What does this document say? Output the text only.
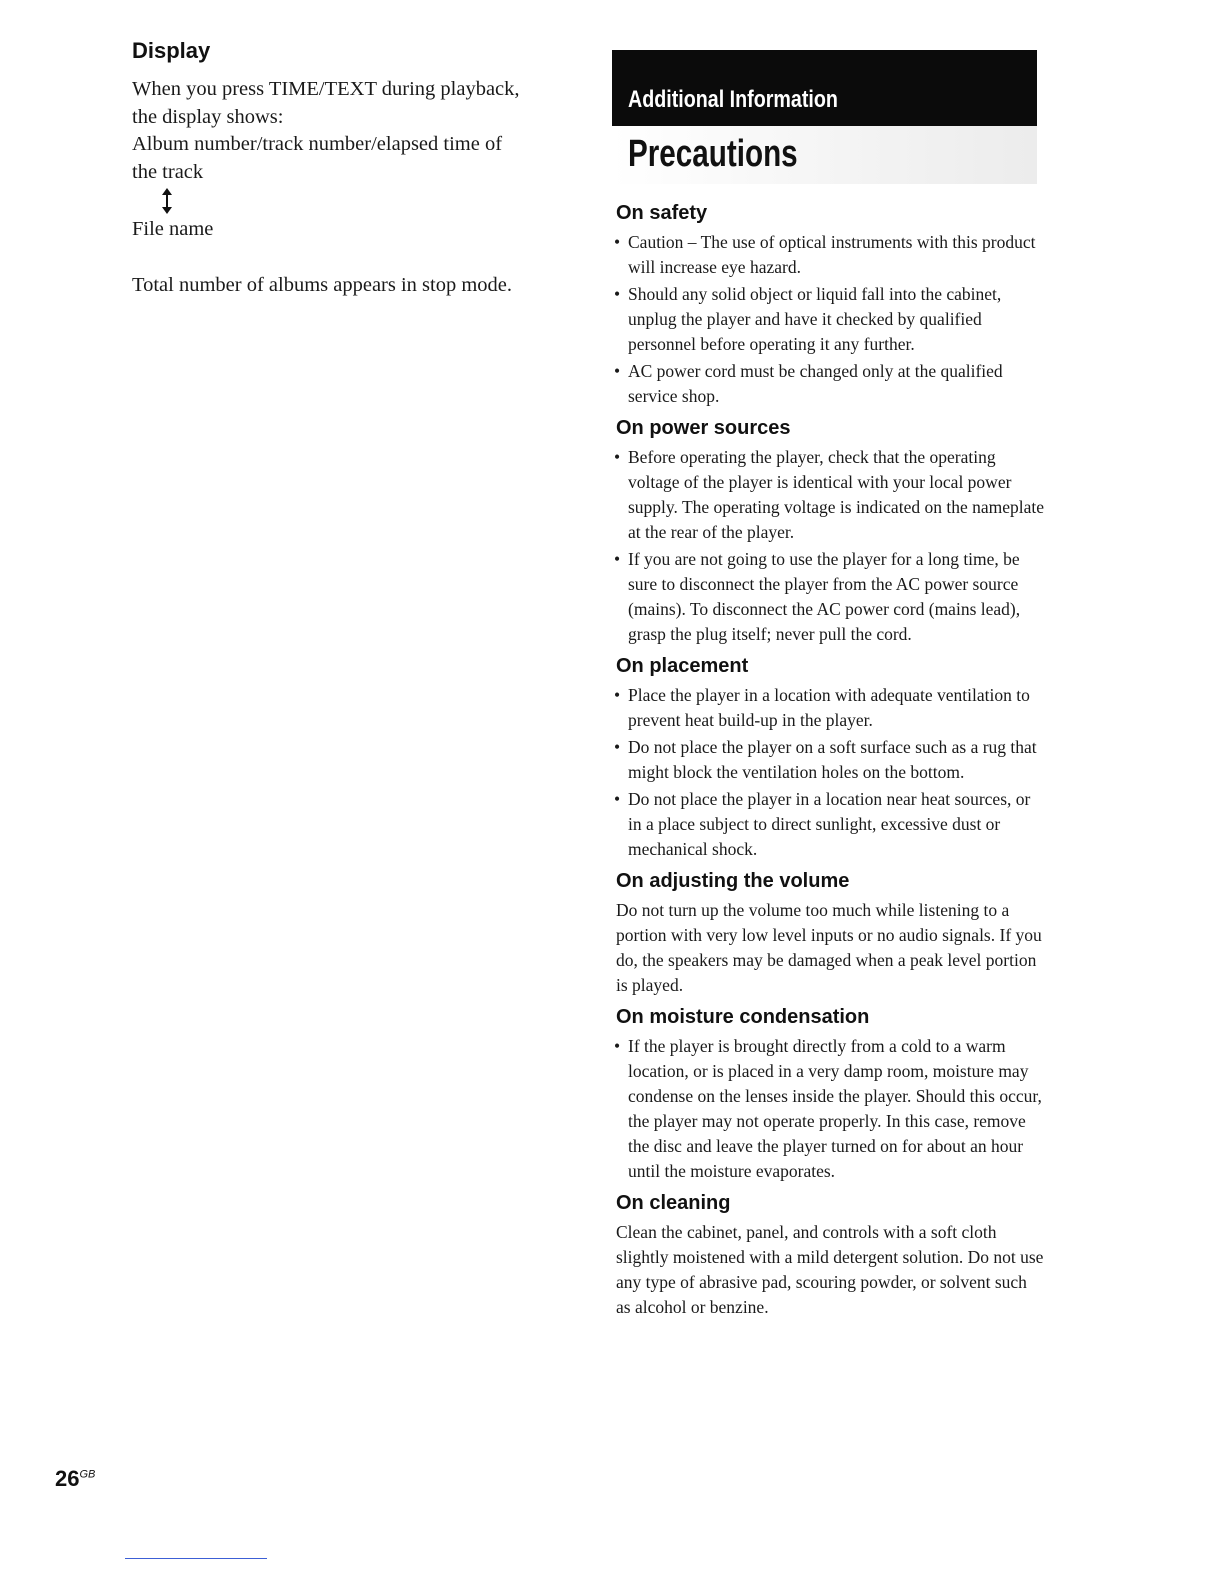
Display

When you press TIME/TEXT during playback,

the display shows:

Album number/track number/elapsed time of

the track

File name

Total number of albums appears in stop mode.

Additional Information
Precautions
On safety
• Caution – The use of optical instruments with this product will increase eye hazard.
• Should any solid object or liquid fall into the cabinet, unplug the player and have it checked by qualified personnel before operating it any further.
• AC power cord must be changed only at the qualified service shop.
On power sources
• Before operating the player, check that the operating voltage of the player is identical with your local power supply. The operating voltage is indicated on the nameplate at the rear of the player.
• If you are not going to use the player for a long time, be sure to disconnect the player from the AC power source (mains). To disconnect the AC power cord (mains lead), grasp the plug itself; never pull the cord.
On placement
• Place the player in a location with adequate ventilation to prevent heat build-up in the player.
• Do not place the player on a soft surface such as a rug that might block the ventilation holes on the bottom.
• Do not place the player in a location near heat sources, or in a place subject to direct sunlight, excessive dust or mechanical shock.
On adjusting the volume

Do not turn up the volume too much while listening to a portion with very low level inputs or no audio signals. If you do, the speakers may be damaged when a peak level portion is played.

On moisture condensation
• If the player is brought directly from a cold to a warm location, or is placed in a very damp room, moisture may condense on the lenses inside the player. Should this occur, the player may not operate properly. In this case, remove the disc and leave the player turned on for about an hour until the moisture evaporates.
On cleaning

Clean the cabinet, panel, and controls with a soft cloth slightly moistened with a mild detergent solution. Do not use any type of abrasive pad, scouring powder, or solvent such as alcohol or benzine.

$26^{GB}$
